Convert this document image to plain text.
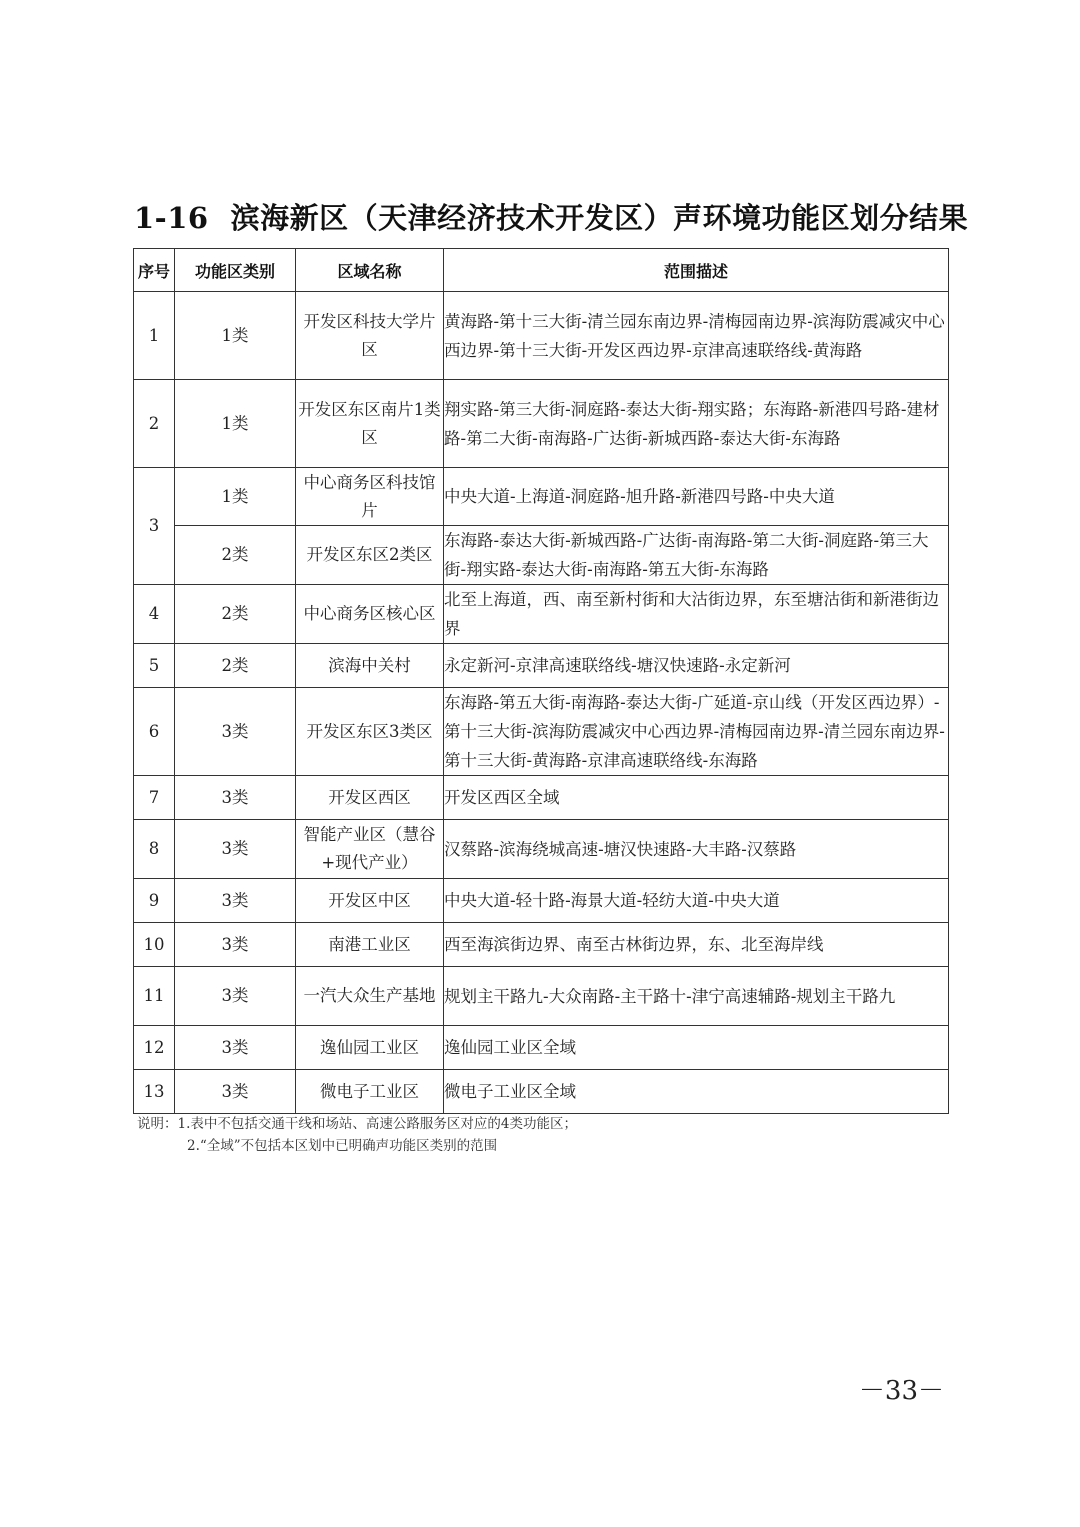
1-16 滨海新区（天津经济技术开发区）声环境功能区划分结果
序号	功能区类别	区域名称	范围描述
1	1类	开发区科技大学片区	黄海路-第十三大街-清兰园东南边界-清梅园南边界-滨海防震减灾中心西边界-第十三大街-开发区西边界-京津高速联络线-黄海路
2	1类	开发区东区南片1类区	翔实路-第三大街-洞庭路-泰达大街-翔实路；东海路-新港四号路-建材路-第二大街-南海路-广达街-新城西路-泰达大街-东海路
3	1类	中心商务区科技馆片	中央大道-上海道-洞庭路-旭升路-新港四号路-中央大道
	2类	开发区东区2类区	东海路-泰达大街-新城西路-广达街-南海路-第二大街-洞庭路-第三大街-翔实路-泰达大街-南海路-第五大街-东海路
4	2类	中心商务区核心区	北至上海道，西、南至新村街和大沽街边界，东至塘沽街和新港街边界
5	2类	滨海中关村	永定新河-京津高速联络线-塘汉快速路-永定新河
6	3类	开发区东区3类区	东海路-第五大街-南海路-泰达大街-广延道-京山线（开发区西边界）-第十三大街-滨海防震减灾中心西边界-清梅园南边界-清兰园东南边界-第十三大街-黄海路-京津高速联络线-东海路
7	3类	开发区西区	开发区西区全域
8	3类	智能产业区（慧谷+现代产业）	汉蔡路-滨海绕城高速-塘汉快速路-大丰路-汉蔡路
9	3类	开发区中区	中央大道-轻十路-海景大道-轻纺大道-中央大道
10	3类	南港工业区	西至海滨街边界、南至古林街边界，东、北至海岸线
11	3类	一汽大众生产基地	规划主干路九-大众南路-主干路十-津宁高速辅路-规划主干路九
12	3类	逸仙园工业区	逸仙园工业区全域
13	3类	微电子工业区	微电子工业区全域
说明：1.表中不包括交通干线和场站、高速公路服务区对应的4类功能区；
2.“全域”不包括本区划中已明确声功能区类别的范围
－33－
